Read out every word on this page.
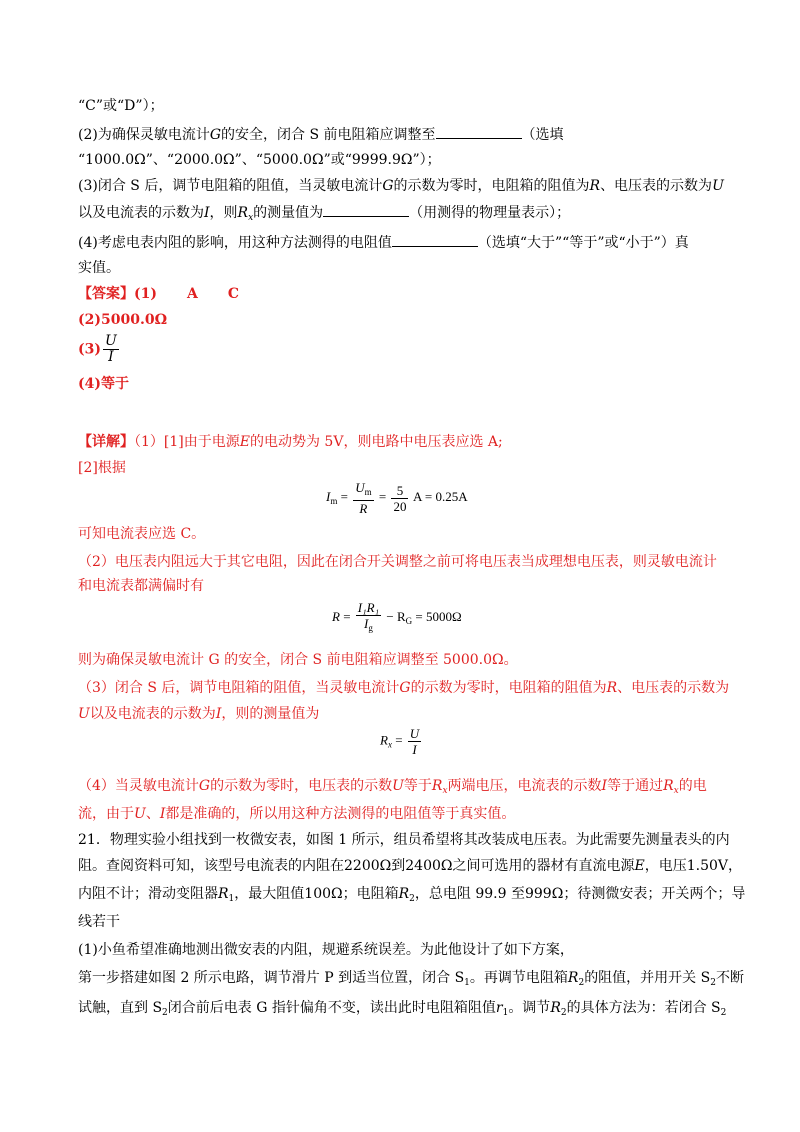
“C”或“D”）；
(2)为确保灵敏电流计G的安全，闭合 S 前电阻箱应调整至	（选填
“1000.0Ω”、“2000.0Ω”、“5000.0Ω”或“9999.9Ω”）；
(3)闭合 S 后，调节电阻箱的阻值，当灵敏电流计G的示数为零时，电阻箱的阻值为R、电压表的示数为U
以及电流表的示数为I，则$R_x$的测量值为	（用测得的物理量表示）；
(4)考虑电表内阻的影响，用这种方法测得的电阻值	（选填“大于”“等于”或“小于”）真
实值。
【答案】(1) A C
(2)5000.0Ω
$(3) \frac{U}{I}$
(4)等于
【详解】（1）[1]由于电源E的电动势为 5V，则电路中电压表应选 A;
[2]根据
$I_m = \frac{U_m}{R} = \frac{5}{20}$ A = 0.25A
可知电流表应选 C。
（2）电压表内阻远大于其它电阻，因此在闭合开关调整之前可将电压表当成理想电压表，则灵敏电流计
和电流表都满偏时有
$R = \frac{\text{I₁R₁}}{I_g} - R_G = 5000\Omega$
则为确保灵敏电流计 G 的安全，闭合 S 前电阻箱应调整至 5000.0Ω。
（3）闭合 S 后，调节电阻箱的阻值，当灵敏电流计G的示数为零时，电阻箱的阻值为R、电压表的示数为
U以及电流表的示数为I，则的测量值为
$R_x = \frac{U}{I}$
（4）当灵敏电流计G的示数为零时，电压表的示数U等于$R_x$两端电压，电流表的示数I等于通过$R_x$的电
流，由于U、I都是准确的，所以用这种方法测得的电阻值等于真实值。
21．物理实验小组找到一枚微安表，如图 1 所示，组员希望将其改装成电压表。为此需要先测量表头的内
阻。查阅资料可知，该型号电流表的内阻在2200Ω到2400Ω之间可选用的器材有直流电源E，电压1.50V，
内阻不计；滑动变阻器$R_1$，最大阻值100Ω；电阻箱$R_2$，总电阻 99.9 至999Ω；待测微安表；开关两个；导
线若干
(1)小鱼希望准确地测出微安表的内阻，规避系统误差。为此他设计了如下方案，
第一步搭建如图 2 所示电路，调节滑片 P 到适当位置，闭合 $S_1$。再调节电阻箱$R_2$的阻值，并用开关 $S_2$不断
试触，直到 $S_2$闭合前后电表 G 指针偏角不变，读出此时电阻箱阻值$r_1$。调节$R_2$的具体方法为：若闭合 $S_2$
